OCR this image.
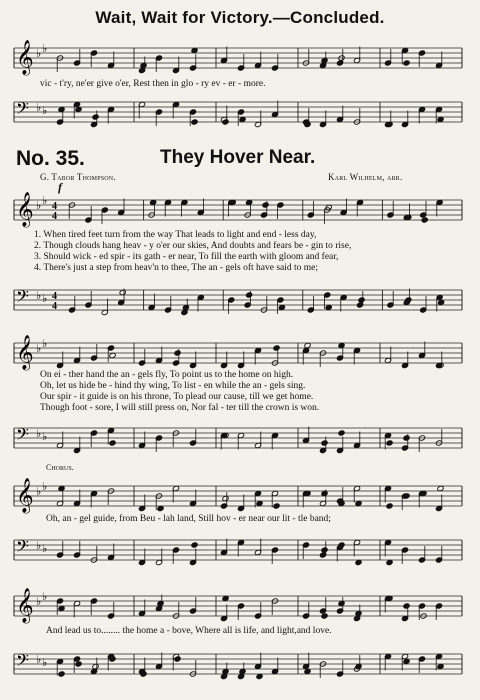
Wait, Wait for Victory.—Concluded.
𝄞 ♭ ♭
vic - t'ry, ne'er give o'er, Rest then in glo - ry ev - er - more.
𝄢 ♭ ♭
No. 35.	They Hover Near.
G. Tabor Thompson.	Karl Wilhelm, arr.
f
𝄞 ♭ ♭ 4
4
1. When tired feet turn from the way That leads to light and end - less day,
2. Though clouds hang heav - y o'er our skies, And doubts and fears be - gin to rise,
3. Should wick - ed spir - its gath - er near, To fill the earth with gloom and fear,
4. There's just a step from heav'n to thee, The an - gels oft have said to me;
𝄢 ♭ ♭ 4
4
𝄞 ♭ ♭
On ei - ther hand the an - gels fly, To point us to the home on high.
Oh, let us hide be - hind thy wing, To list - en while the an - gels sing.
Our spir - it guide is on his throne, To plead our cause, till we get home.
Though foot - sore, I will still press on, Nor fal - ter till the crown is won.
𝄢 ♭ ♭
Chorus.
𝄞 ♭ ♭
Oh, an - gel guide, from Beu - lah land, Still hov - er near our lit - tle band;
𝄢 ♭ ♭
𝄞 ♭ ♭
And lead us to........ the home a - bove, Where all is life, and light,and love.
𝄢 ♭ ♭
